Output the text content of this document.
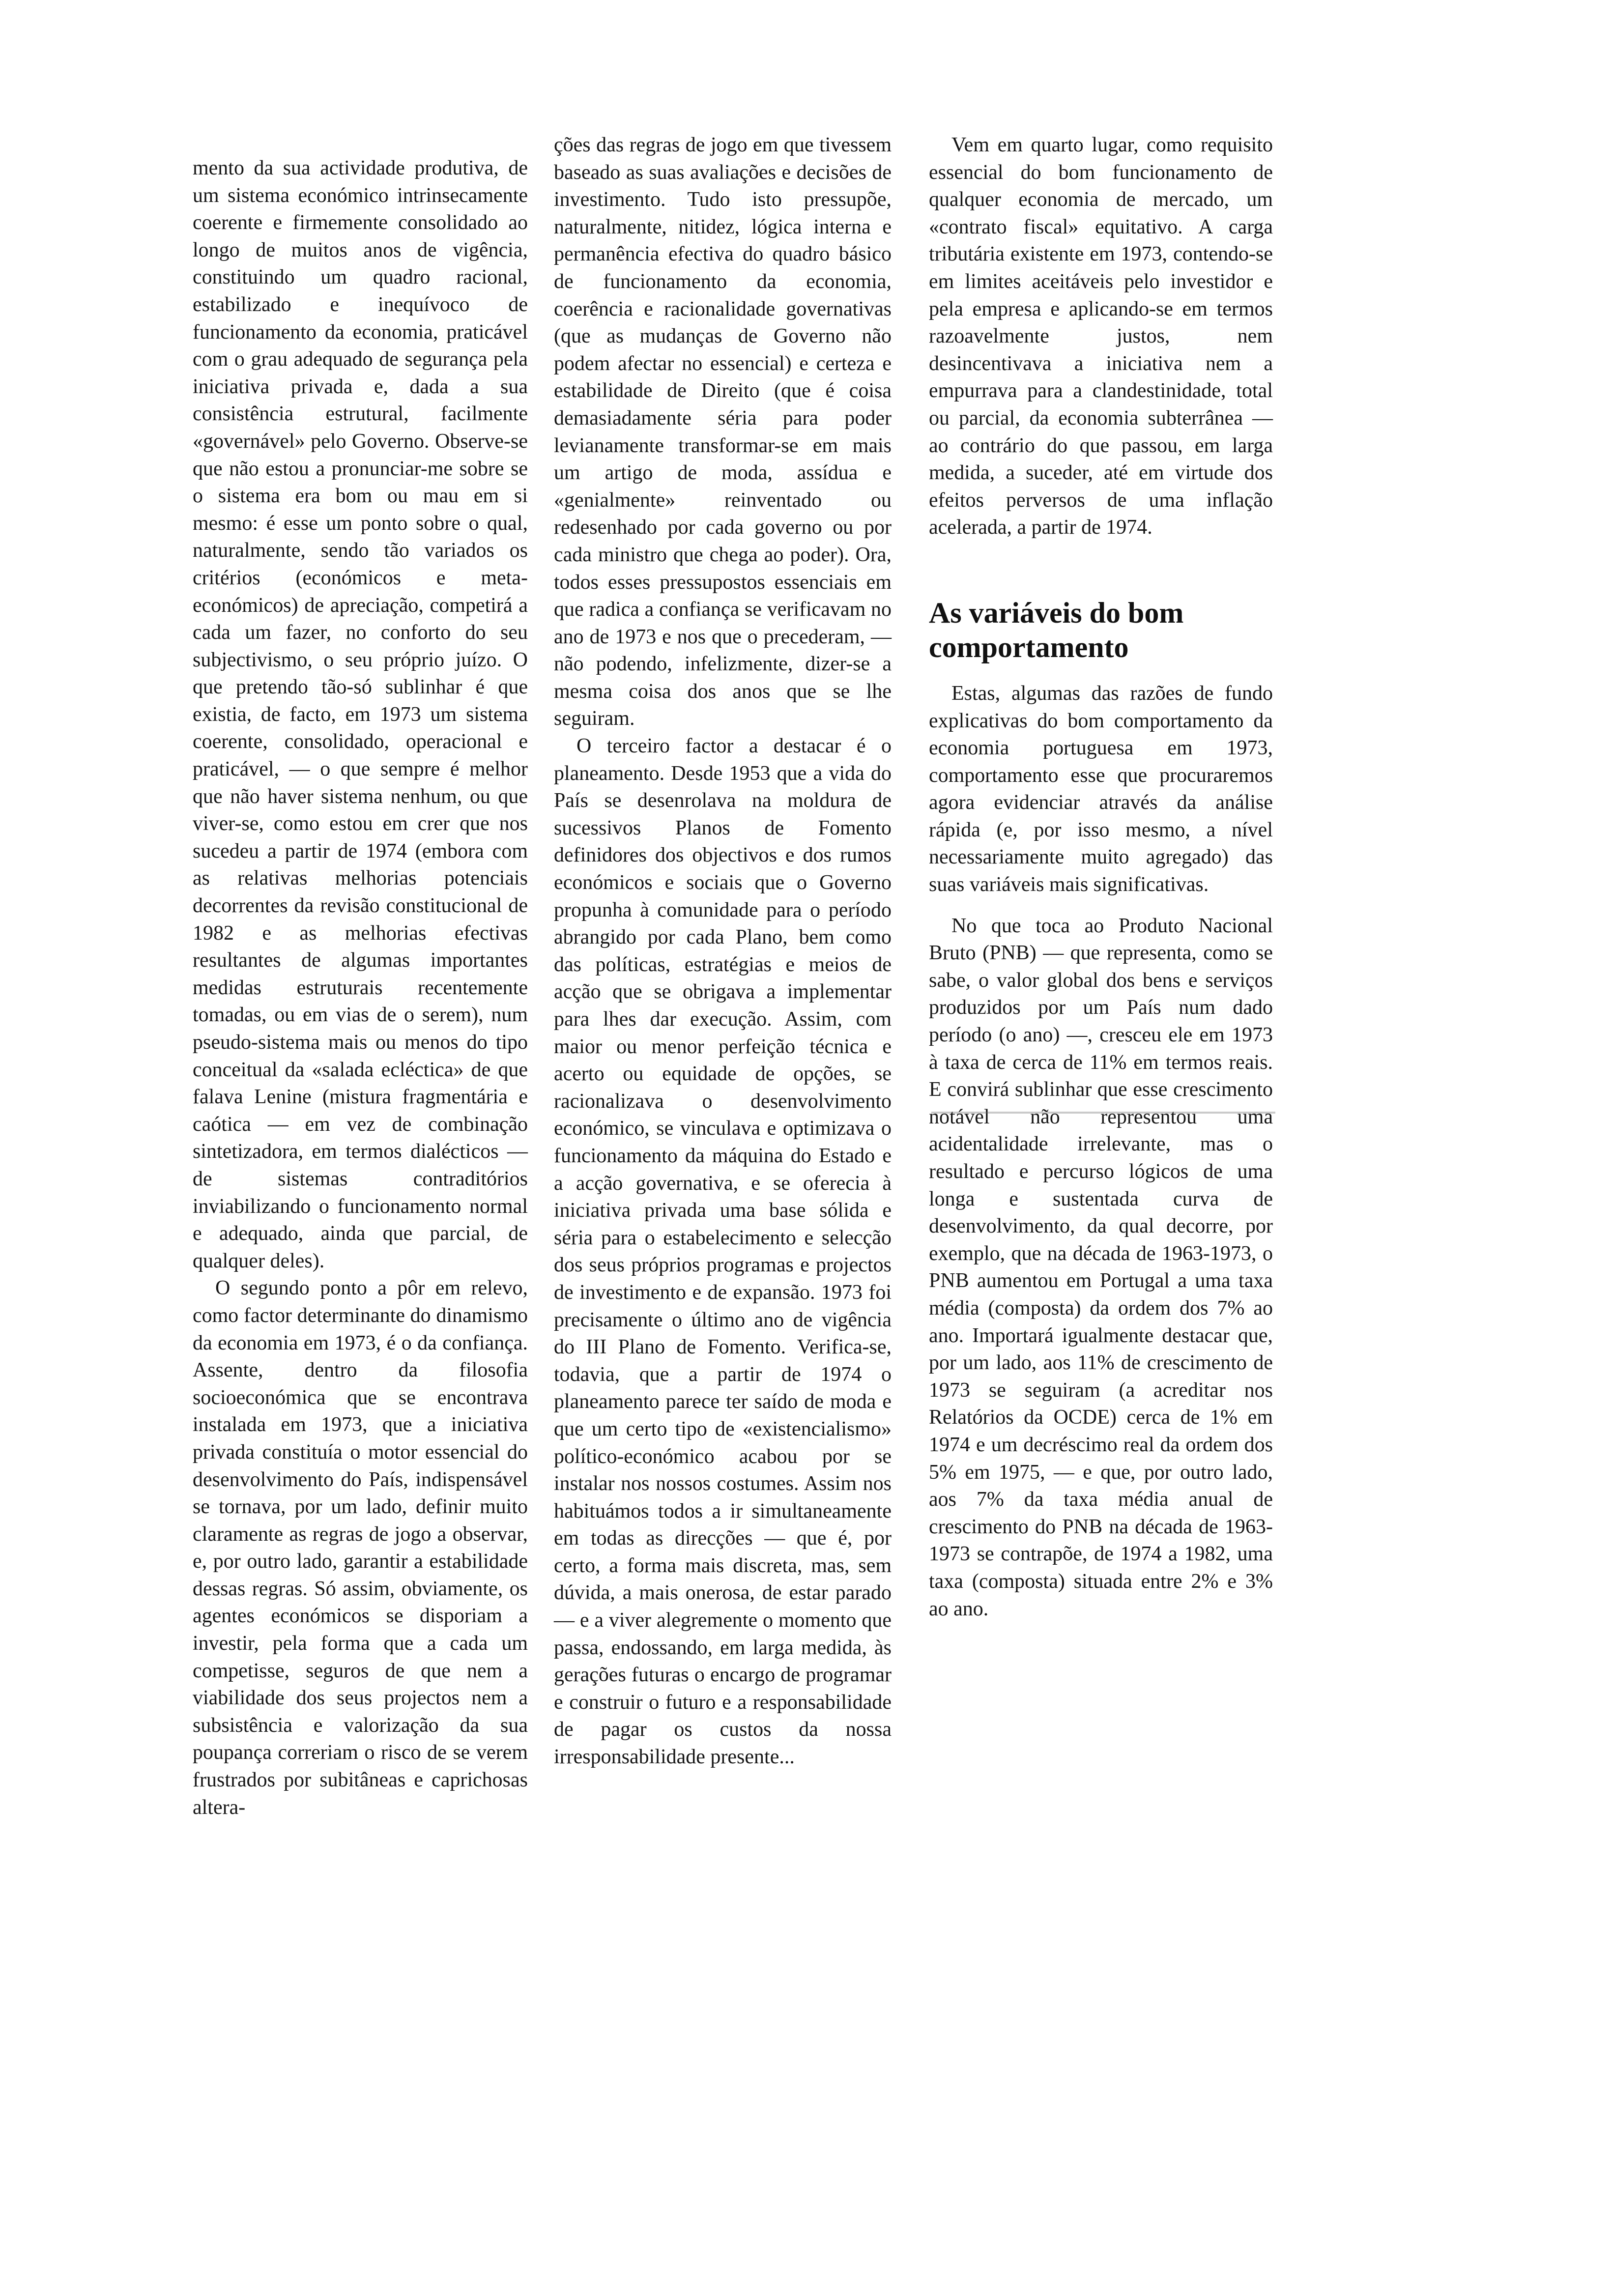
mento da sua actividade produtiva, de um sistema económico intrinsecamente coerente e firmemente consolidado ao longo de muitos anos de vigência, constituindo um quadro racional, estabilizado e inequívoco de funcionamento da economia, praticável com o grau adequado de segurança pela iniciativa privada e, dada a sua consistência estrutural, facilmente «governável» pelo Governo. Observe-se que não estou a pronunciar-me sobre se o sistema era bom ou mau em si mesmo: é esse um ponto sobre o qual, naturalmente, sendo tão variados os critérios (económicos e meta-económicos) de apreciação, competirá a cada um fazer, no conforto do seu subjectivismo, o seu próprio juízo. O que pretendo tão-só sublinhar é que existia, de facto, em 1973 um sistema coerente, consolidado, operacional e praticável, — o que sempre é melhor que não haver sistema nenhum, ou que viver-se, como estou em crer que nos sucedeu a partir de 1974 (embora com as relativas melhorias potenciais decorrentes da revisão constitucional de 1982 e as melhorias efectivas resultantes de algumas importantes medidas estruturais recentemente tomadas, ou em vias de o serem), num pseudo-sistema mais ou menos do tipo conceitual da «salada ecléctica» de que falava Lenine (mistura fragmentária e caótica — em vez de combinação sintetizadora, em termos dialécticos — de sistemas contraditórios inviabilizando o funcionamento normal e adequado, ainda que parcial, de qualquer deles).

O segundo ponto a pôr em relevo, como factor determinante do dinamismo da economia em 1973, é o da confiança. Assente, dentro da filosofia socioeconómica que se encontrava instalada em 1973, que a iniciativa privada constituía o motor essencial do desenvolvimento do País, indispensável se tornava, por um lado, definir muito claramente as regras de jogo a observar, e, por outro lado, garantir a estabilidade dessas regras. Só assim, obviamente, os agentes económicos se disporiam a investir, pela forma que a cada um competisse, seguros de que nem a viabilidade dos seus projectos nem a subsistência e valorização da sua poupança correriam o risco de se verem frustrados por subitâneas e caprichosas altera-

ções das regras de jogo em que tivessem baseado as suas avaliações e decisões de investimento. Tudo isto pressupõe, naturalmente, nitidez, lógica interna e permanência efectiva do quadro básico de funcionamento da economia, coerência e racionalidade governativas (que as mudanças de Governo não podem afectar no essencial) e certeza e estabilidade de Direito (que é coisa demasiadamente séria para poder levianamente transformar-se em mais um artigo de moda, assídua e «genialmente» reinventado ou redesenhado por cada governo ou por cada ministro que chega ao poder). Ora, todos esses pressupostos essenciais em que radica a confiança se verificavam no ano de 1973 e nos que o precederam, — não podendo, infelizmente, dizer-se a mesma coisa dos anos que se lhe seguiram.

O terceiro factor a destacar é o planeamento. Desde 1953 que a vida do País se desenrolava na moldura de sucessivos Planos de Fomento definidores dos objectivos e dos rumos económicos e sociais que o Governo propunha à comunidade para o período abrangido por cada Plano, bem como das políticas, estratégias e meios de acção que se obrigava a implementar para lhes dar execução. Assim, com maior ou menor perfeição técnica e acerto ou equidade de opções, se racionalizava o desenvolvimento económico, se vinculava e optimizava o funcionamento da máquina do Estado e a acção governativa, e se oferecia à iniciativa privada uma base sólida e séria para o estabelecimento e selecção dos seus próprios programas e projectos de investimento e de expansão. 1973 foi precisamente o último ano de vigência do III Plano de Fomento. Verifica-se, todavia, que a partir de 1974 o planeamento parece ter saído de moda e que um certo tipo de «existencialismo» político-económico acabou por se instalar nos nossos costumes. Assim nos habituámos todos a ir simultaneamente em todas as direcções — que é, por certo, a forma mais discreta, mas, sem dúvida, a mais onerosa, de estar parado — e a viver alegremente o momento que passa, endossando, em larga medida, às gerações futuras o encargo de programar e construir o futuro e a responsabilidade de pagar os custos da nossa irresponsabilidade presente...

Vem em quarto lugar, como requisito essencial do bom funcionamento de qualquer economia de mercado, um «contrato fiscal» equitativo. A carga tributária existente em 1973, contendo-se em limites aceitáveis pelo investidor e pela empresa e aplicando-se em termos razoavelmente justos, nem desincentivava a iniciativa nem a empurrava para a clandestinidade, total ou parcial, da economia subterrânea — ao contrário do que passou, em larga medida, a suceder, até em virtude dos efeitos perversos de uma inflação acelerada, a partir de 1974.

As variáveis do bom comportamento

Estas, algumas das razões de fundo explicativas do bom comportamento da economia portuguesa em 1973, comportamento esse que procuraremos agora evidenciar através da análise rápida (e, por isso mesmo, a nível necessariamente muito agregado) das suas variáveis mais significativas.

No que toca ao Produto Nacional Bruto (PNB) — que representa, como se sabe, o valor global dos bens e serviços produzidos por um País num dado período (o ano) —, cresceu ele em 1973 à taxa de cerca de 11% em termos reais. E convirá sublinhar que esse crescimento notável não representou uma acidentalidade irrelevante, mas o resultado e percurso lógicos de uma longa e sustentada curva de desenvolvimento, da qual decorre, por exemplo, que na década de 1963-1973, o PNB aumentou em Portugal a uma taxa média (composta) da ordem dos 7% ao ano. Importará igualmente destacar que, por um lado, aos 11% de crescimento de 1973 se seguiram (a acreditar nos Relatórios da OCDE) cerca de 1% em 1974 e um decréscimo real da ordem dos 5% em 1975, — e que, por outro lado, aos 7% da taxa média anual de crescimento do PNB na década de 1963-1973 se contrapõe, de 1974 a 1982, uma taxa (composta) situada entre 2% e 3% ao ano.
